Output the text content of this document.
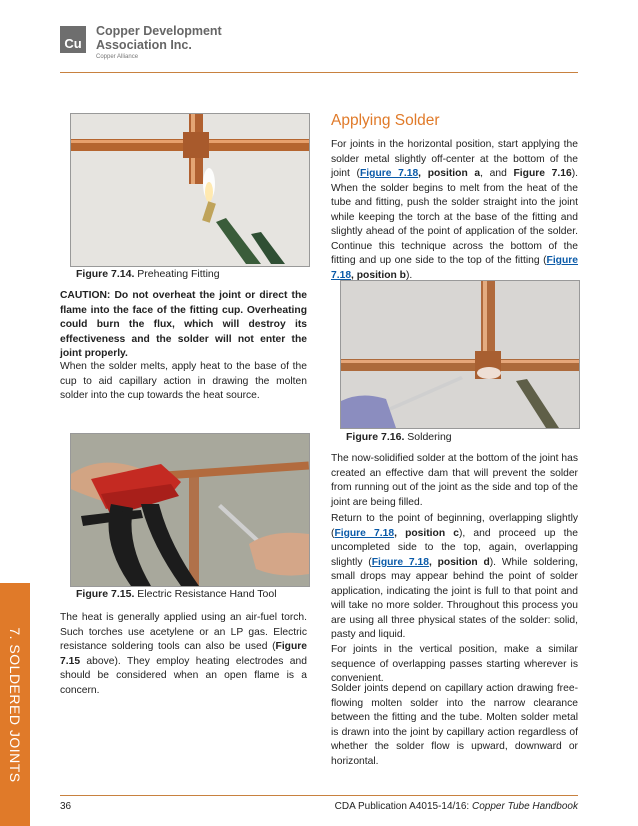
Cu
Copper Development
Association Inc.
Copper Alliance
7. SOLDERED JOINTS
Figure 7.14. Preheating Fitting
CAUTION: Do not overheat the joint or direct the flame into the face of the fitting cup. Overheating could burn the flux, which will destroy its effectiveness and the solder will not enter the joint properly.
When the solder melts, apply heat to the base of the cup to aid capillary action in drawing the molten solder into the cup towards the heat source.
Figure 7.15. Electric Resistance Hand Tool
The heat is generally applied using an air-fuel torch. Such torches use acetylene or an LP gas. Electric resistance soldering tools can also be used (Figure 7.15 above). They employ heating electrodes and should be considered when an open flame is a concern.
Applying Solder
For joints in the horizontal position, start applying the solder metal slightly off-center at the bottom of the joint (Figure 7.18, position a, and Figure 7.16). When the solder begins to melt from the heat of the tube and fitting, push the solder straight into the joint while keeping the torch at the base of the fitting and slightly ahead of the point of application of the solder. Continue this technique across the bottom of the fitting and up one side to the top of the fitting (Figure 7.18, position b).
Figure 7.16. Soldering
The now-solidified solder at the bottom of the joint has created an effective dam that will prevent the solder from running out of the joint as the side and top of the joint are being filled.
Return to the point of beginning, overlapping slightly (Figure 7.18, position c), and proceed up the uncompleted side to the top, again, overlapping slightly (Figure 7.18, position d). While soldering, small drops may appear behind the point of solder application, indicating the joint is full to that point and will take no more solder. Throughout this process you are using all three physical states of the solder: solid, pasty and liquid.
For joints in the vertical position, make a similar sequence of overlapping passes starting wherever is convenient.
Solder joints depend on capillary action drawing free-flowing molten solder into the narrow clearance between the fitting and the tube. Molten solder metal is drawn into the joint by capillary action regardless of whether the solder flow is upward, downward or horizontal.
36	CDA Publication A4015-14/16: Copper Tube Handbook
